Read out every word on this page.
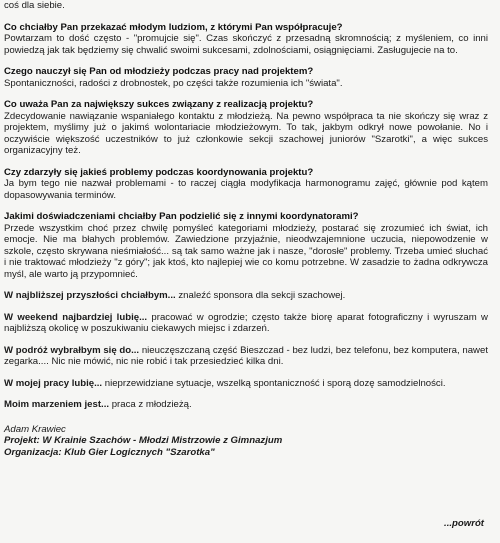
coś dla siebie.

Co chciałby Pan przekazać młodym ludziom, z którymi Pan współpracuje?
Powtarzam to dość często - "promujcie się". Czas skończyć z przesadną skromnością; z myśleniem, co inni powiedzą jak tak będziemy się chwalić swoimi sukcesami, zdolnościami, osiągnięciami. Zasługujecie na to.
Czego nauczył się Pan od młodzieży podczas pracy nad projektem?
Spontaniczności, radości z drobnostek, po części także rozumienia ich "świata".
Co uważa Pan za największy sukces związany z realizacją projektu?
Zdecydowanie nawiązanie wspaniałego kontaktu z młodzieżą. Na pewno współpraca ta nie skończy się wraz z projektem, myślimy już o jakimś wolontariacie młodzieżowym. To tak, jakbym odkrył nowe powołanie. No i oczywiście większość uczestników to już członkowie sekcji szachowej juniorów "Szarotki", a więc sukces organizacyjny też.
Czy zdarzyły się jakieś problemy podczas koordynowania projektu?
Ja bym tego nie nazwał problemami - to raczej ciągła modyfikacja harmonogramu zajęć, głównie pod kątem dopasowywania terminów.
Jakimi doświadczeniami chciałby Pan podzielić się z innymi koordynatorami?
Przede wszystkim choć przez chwilę pomyśleć kategoriami młodzieży, postarać się zrozumieć ich świat, ich emocje. Nie ma błahych problemów. Zawiedzione przyjaźnie, nieodwzajemnione uczucia, niepowodzenie w szkole, często skrywana nieśmiałość... są tak samo ważne jak i nasze, "dorosłe" problemy. Trzeba umieć słuchać i nie traktować młodzieży "z góry"; jak ktoś, kto najlepiej wie co komu potrzebne. W zasadzie to żadna odkrywcza myśl, ale warto ją przypomnieć.
W najbliższej przyszłości chciałbym... znaleźć sponsora dla sekcji szachowej.
W weekend najbardziej lubię... pracować w ogrodzie; często także biorę aparat fotograficzny i wyruszam w najbliższą okolicę w poszukiwaniu ciekawych miejsc i zdarzeń.
W podróż wybrałbym się do... nieuczęszczaną część Bieszczad - bez ludzi, bez telefonu, bez komputera, nawet zegarka.... Nic nie mówić, nic nie robić i tak przesiedzieć kilka dni.
W mojej pracy lubię... nieprzewidziane sytuacje, wszelką spontaniczność i sporą dozę samodzielności.
Moim marzeniem jest... praca z młodzieżą.
Adam Krawiec
Projekt: W Krainie Szachów - Młodzi Mistrzowie z Gimnazjum
Organizacja: Klub Gier Logicznych "Szarotka"
...powrót
